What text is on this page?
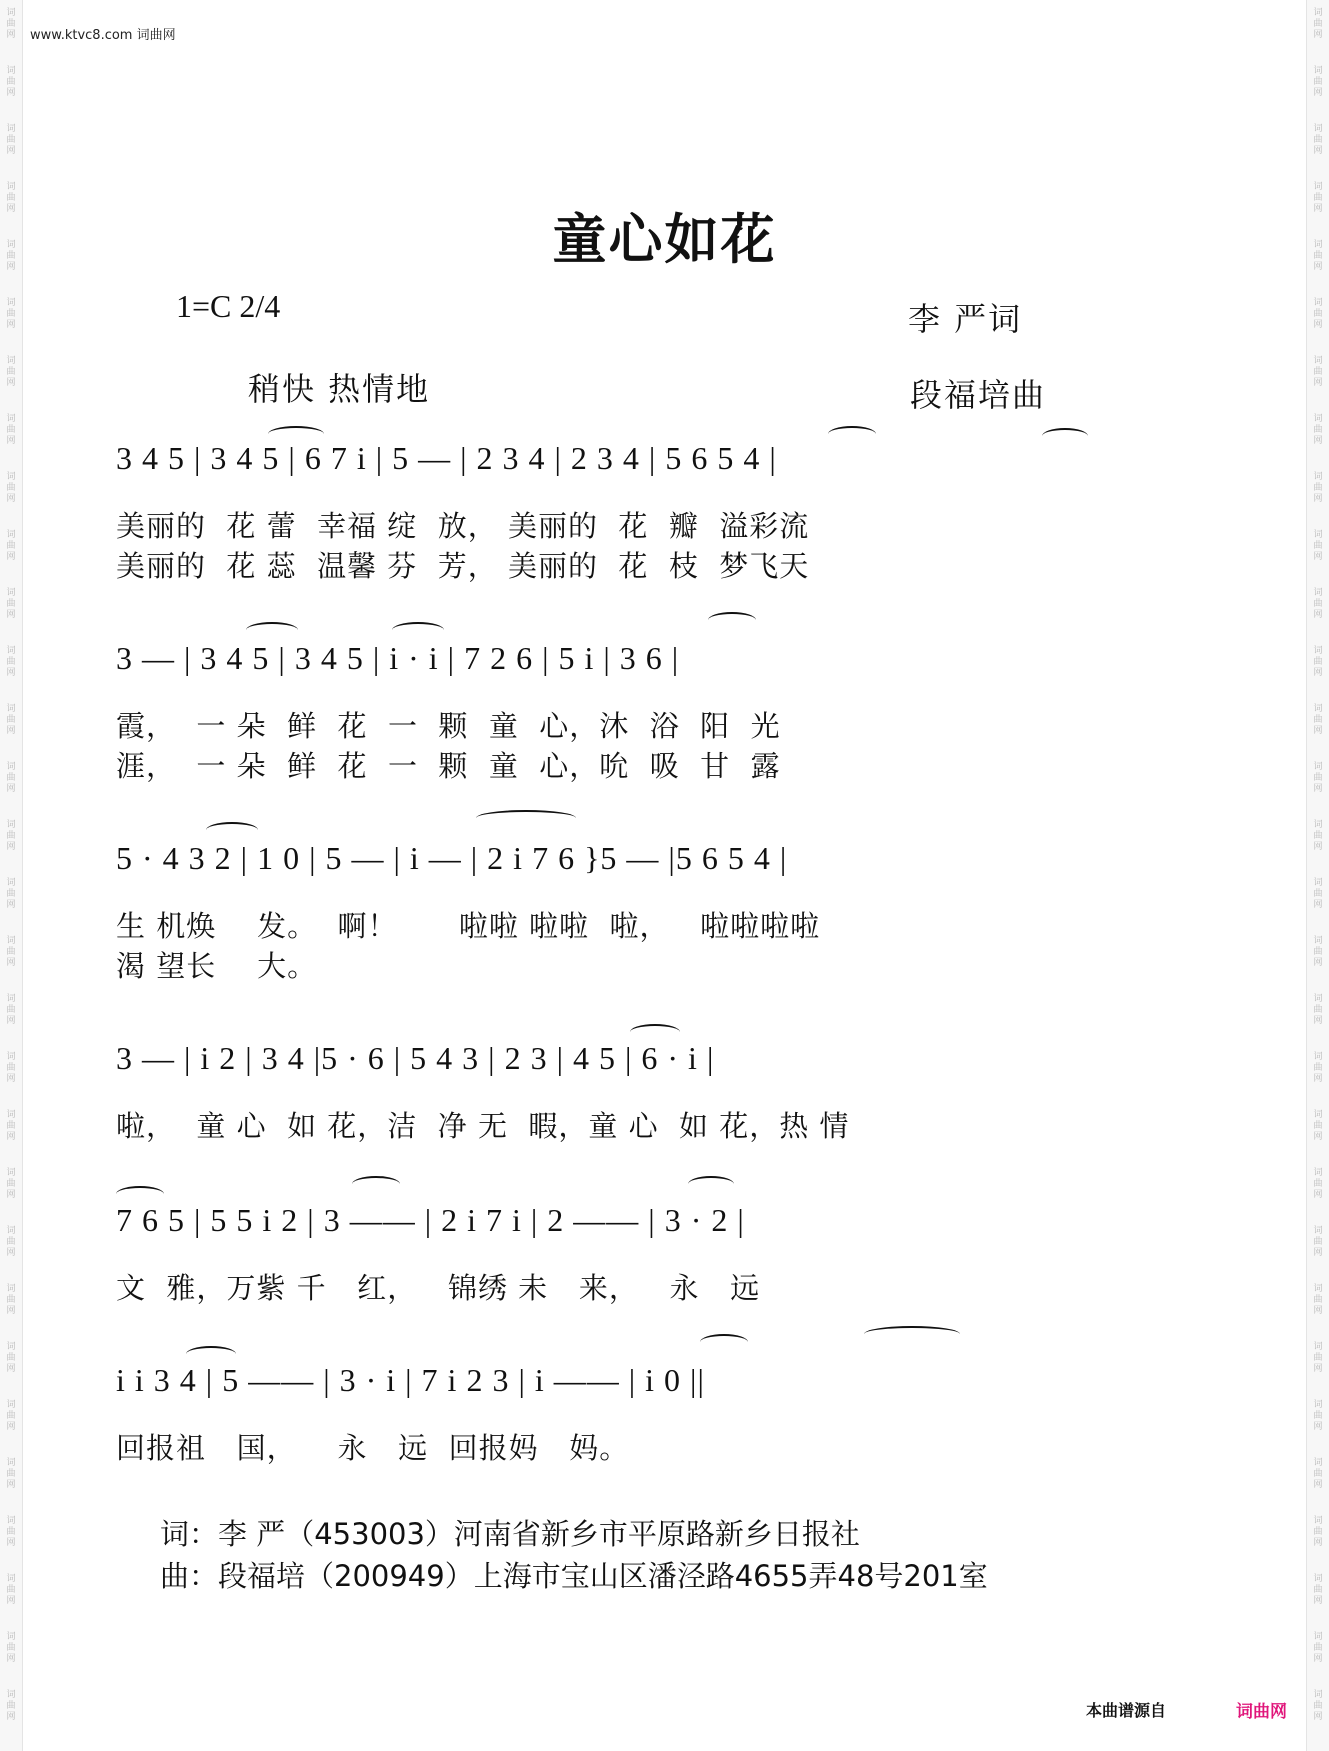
词曲网
词曲网
词曲网
词曲网
词曲网
词曲网
词曲网
词曲网
词曲网
词曲网
词曲网
词曲网
词曲网
词曲网
词曲网
词曲网
词曲网
词曲网
词曲网
词曲网
词曲网
词曲网
词曲网
词曲网
词曲网
词曲网
词曲网
词曲网
词曲网
词曲网
词曲网
词曲网
词曲网
词曲网
词曲网
词曲网
词曲网
词曲网
词曲网
词曲网
词曲网
词曲网
词曲网
词曲网
词曲网
词曲网
词曲网
词曲网
词曲网
词曲网
词曲网
词曲网
词曲网
词曲网
词曲网
词曲网
词曲网
词曲网
词曲网
词曲网
www.ktvc8.com 词曲网
童心如花
1=C 2/4
稍快 热情地
李 严词
段福培曲
3 4 5 | 3 4 5 | 6 7 i | 5 — | 2 3 4 | 2 3 4 | 5 6 5 4 |
美丽的  花 蕾  幸福 绽  放， 美丽的  花  瓣  溢彩流
美丽的  花 蕊  温馨 芬  芳， 美丽的  花  枝  梦飞天
3 — | 3 4 5 | 3 4 5 | i · i | 7 2 6 | 5 i | 3 6 |
霞，  一 朵  鲜  花  一  颗  童  心，沐  浴  阳  光
涯，  一 朵  鲜  花  一  颗  童  心，吮  吸  甘  露
5 · 4 3 2 | 1 0 | 5 — | i — | 2 i 7 6 }5 — |5 6 5 4 |
生 机焕    发。  啊！      啦啦 啦啦  啦，   啦啦啦啦
渴 望长    大。
3 — | i 2 | 3 4 |5 · 6 | 5 4 3 | 2 3 | 4 5 | 6 · i |
啦，  童 心  如 花，洁  净 无  暇，童 心  如 花，热 情
7 6 5 | 5 5 i 2 | 3 —— | 2 i 7 i | 2 —— | 3 · 2 |
文  雅，万紫 千   红，   锦绣 未   来，   永   远
i i 3 4 | 5 —— | 3 · i | 7 i 2 3 | i —— | i 0 ||
回报祖   国，    永   远  回报妈   妈。
词：李 严（453003）河南省新乡市平原路新乡日报社
曲：段福培（200949）上海市宝山区潘泾路4655弄48号201室
本曲谱源自	词曲网
